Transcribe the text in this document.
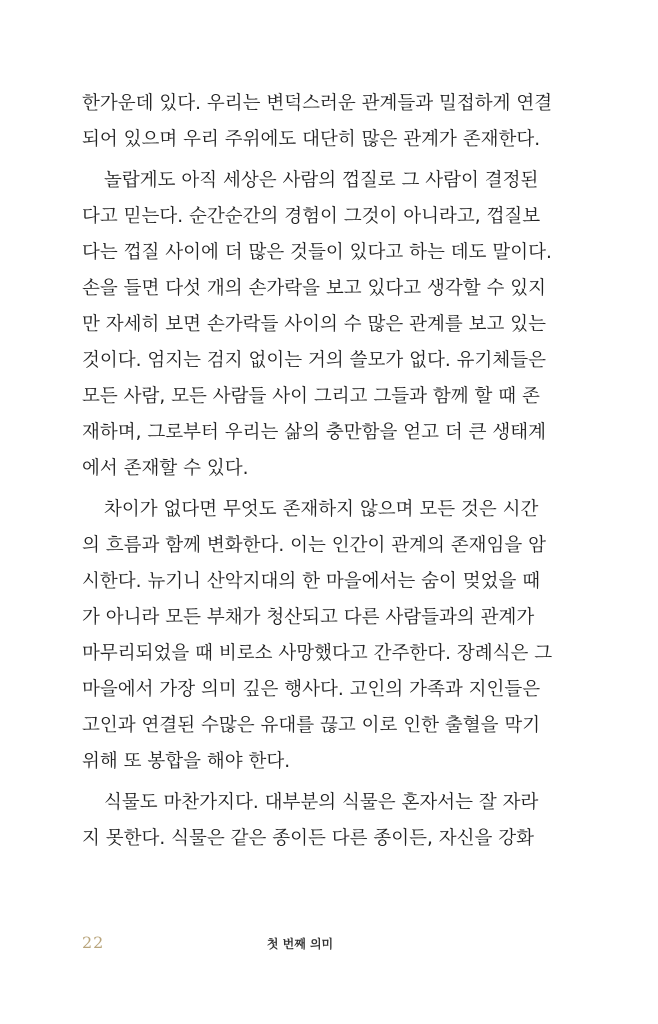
한가운데 있다. 우리는 변덕스러운 관계들과 밀접하게 연결
되어 있으며 우리 주위에도 대단히 많은 관계가 존재한다.
놀랍게도 아직 세상은 사람의 껍질로 그 사람이 결정된
다고 믿는다. 순간순간의 경험이 그것이 아니라고, 껍질보
다는 껍질 사이에 더 많은 것들이 있다고 하는 데도 말이다.
손을 들면 다섯 개의 손가락을 보고 있다고 생각할 수 있지
만 자세히 보면 손가락들 사이의 수 많은 관계를 보고 있는
것이다. 엄지는 검지 없이는 거의 쓸모가 없다. 유기체들은
모든 사람, 모든 사람들 사이 그리고 그들과 함께 할 때 존
재하며, 그로부터 우리는 삶의 충만함을 얻고 더 큰 생태계
에서 존재할 수 있다.
차이가 없다면 무엇도 존재하지 않으며 모든 것은 시간
의 흐름과 함께 변화한다. 이는 인간이 관계의 존재임을 암
시한다. 뉴기니 산악지대의 한 마을에서는 숨이 멎었을 때
가 아니라 모든 부채가 청산되고 다른 사람들과의 관계가
마무리되었을 때 비로소 사망했다고 간주한다. 장례식은 그
마을에서 가장 의미 깊은 행사다. 고인의 가족과 지인들은
고인과 연결된 수많은 유대를 끊고 이로 인한 출혈을 막기
위해 또 봉합을 해야 한다.
식물도 마찬가지다. 대부분의 식물은 혼자서는 잘 자라
지 못한다. 식물은 같은 종이든 다른 종이든, 자신을 강화
22	첫 번째 의미
